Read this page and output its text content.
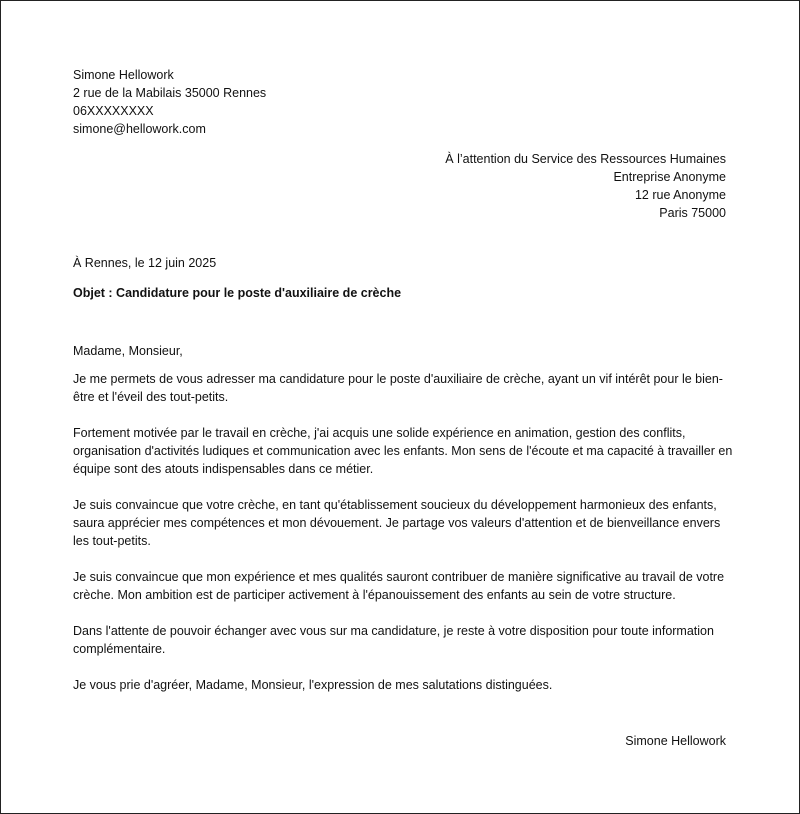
Simone Hellowork
2 rue de la Mabilais 35000 Rennes
06XXXXXXXX
simone@hellowork.com
À l’attention du Service des Ressources Humaines
Entreprise Anonyme
12 rue Anonyme
Paris 75000
À Rennes, le 12 juin 2025
Objet : Candidature pour le poste d'auxiliaire de crèche

Madame, Monsieur,

Je me permets de vous adresser ma candidature pour le poste d'auxiliaire de crèche, ayant un vif intérêt pour le bien-être et l'éveil des tout-petits.

Fortement motivée par le travail en crèche, j'ai acquis une solide expérience en animation, gestion des conflits, organisation d'activités ludiques et communication avec les enfants. Mon sens de l'écoute et ma capacité à travailler en équipe sont des atouts indispensables dans ce métier.

Je suis convaincue que votre crèche, en tant qu'établissement soucieux du développement harmonieux des enfants, saura apprécier mes compétences et mon dévouement. Je partage vos valeurs d'attention et de bienveillance envers les tout-petits.

Je suis convaincue que mon expérience et mes qualités sauront contribuer de manière significative au travail de votre crèche. Mon ambition est de participer activement à l'épanouissement des enfants au sein de votre structure.

Dans l'attente de pouvoir échanger avec vous sur ma candidature, je reste à votre disposition pour toute information complémentaire.

Je vous prie d'agréer, Madame, Monsieur, l'expression de mes salutations distinguées.

Simone Hellowork
